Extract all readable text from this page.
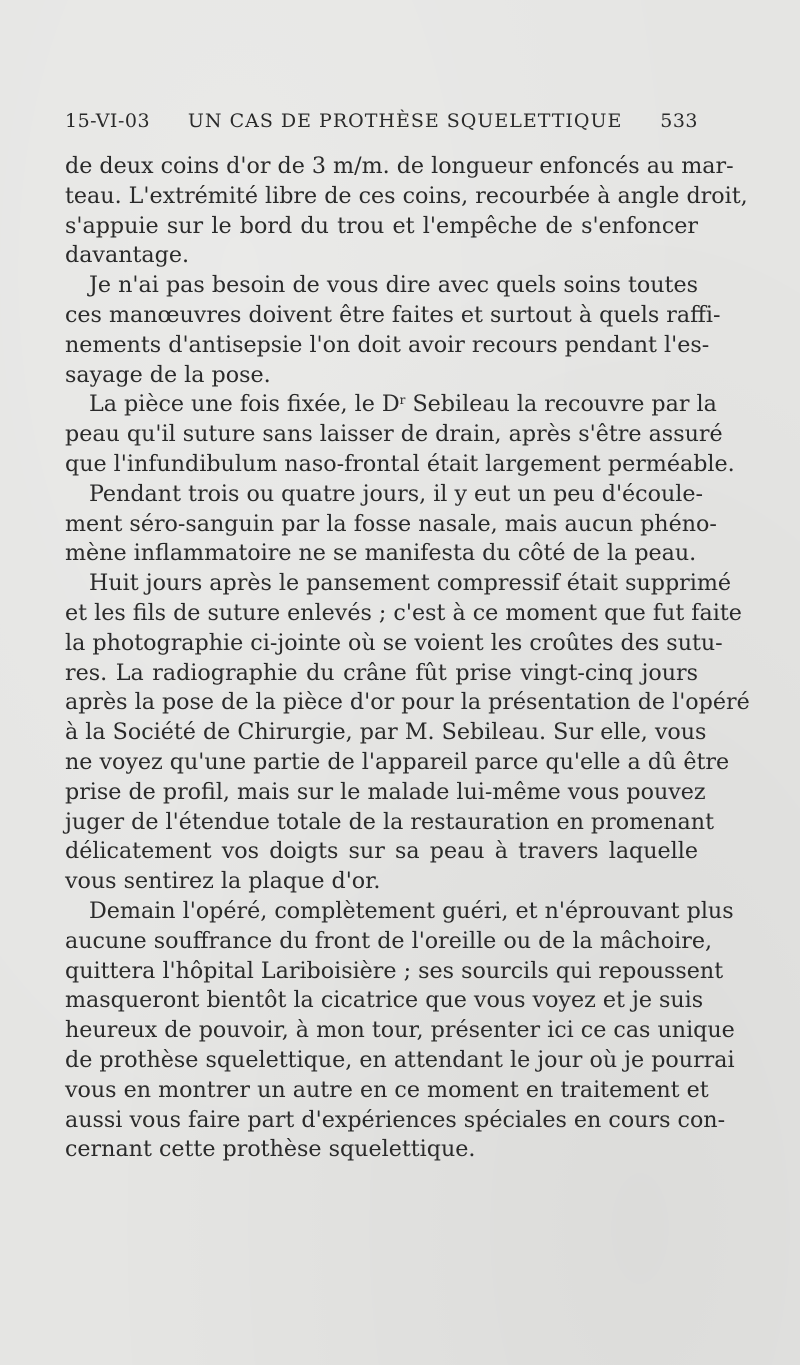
15-VI-03 UN CAS DE PROTHÈSE SQUELETTIQUE 533
de deux coins d'or de 3 m/m. de longueur enfoncés au mar-
teau. L'extrémité libre de ces coins, recourbée à angle droit,
s'appuie sur le bord du trou et l'empêche de s'enfoncer
davantage.
Je n'ai pas besoin de vous dire avec quels soins toutes
ces manœuvres doivent être faites et surtout à quels raffi-
nements d'antisepsie l'on doit avoir recours pendant l'es-
sayage de la pose.
La pièce une fois fixée, le $D^r$ Sebileau la recouvre par la
peau qu'il suture sans laisser de drain, après s'être assuré
que l'infundibulum naso-frontal était largement perméable.
Pendant trois ou quatre jours, il y eut un peu d'écoule-
ment séro-sanguin par la fosse nasale, mais aucun phéno-
mène inflammatoire ne se manifesta du côté de la peau.
Huit jours après le pansement compressif était supprimé
et les fils de suture enlevés ; c'est à ce moment que fut faite
la photographie ci-jointe où se voient les croûtes des sutu-
res. La radiographie du crâne fût prise vingt-cinq jours
après la pose de la pièce d'or pour la présentation de l'opéré
à la Société de Chirurgie, par M. Sebileau. Sur elle, vous
ne voyez qu'une partie de l'appareil parce qu'elle a dû être
prise de profil, mais sur le malade lui-même vous pouvez
juger de l'étendue totale de la restauration en promenant
délicatement vos doigts sur sa peau à travers laquelle
vous sentirez la plaque d'or.
Demain l'opéré, complètement guéri, et n'éprouvant plus
aucune souffrance du front de l'oreille ou de la mâchoire,
quittera l'hôpital Lariboisière ; ses sourcils qui repoussent
masqueront bientôt la cicatrice que vous voyez et je suis
heureux de pouvoir, à mon tour, présenter ici ce cas unique
de prothèse squelettique, en attendant le jour où je pourrai
vous en montrer un autre en ce moment en traitement et
aussi vous faire part d'expériences spéciales en cours con-
cernant cette prothèse squelettique.
